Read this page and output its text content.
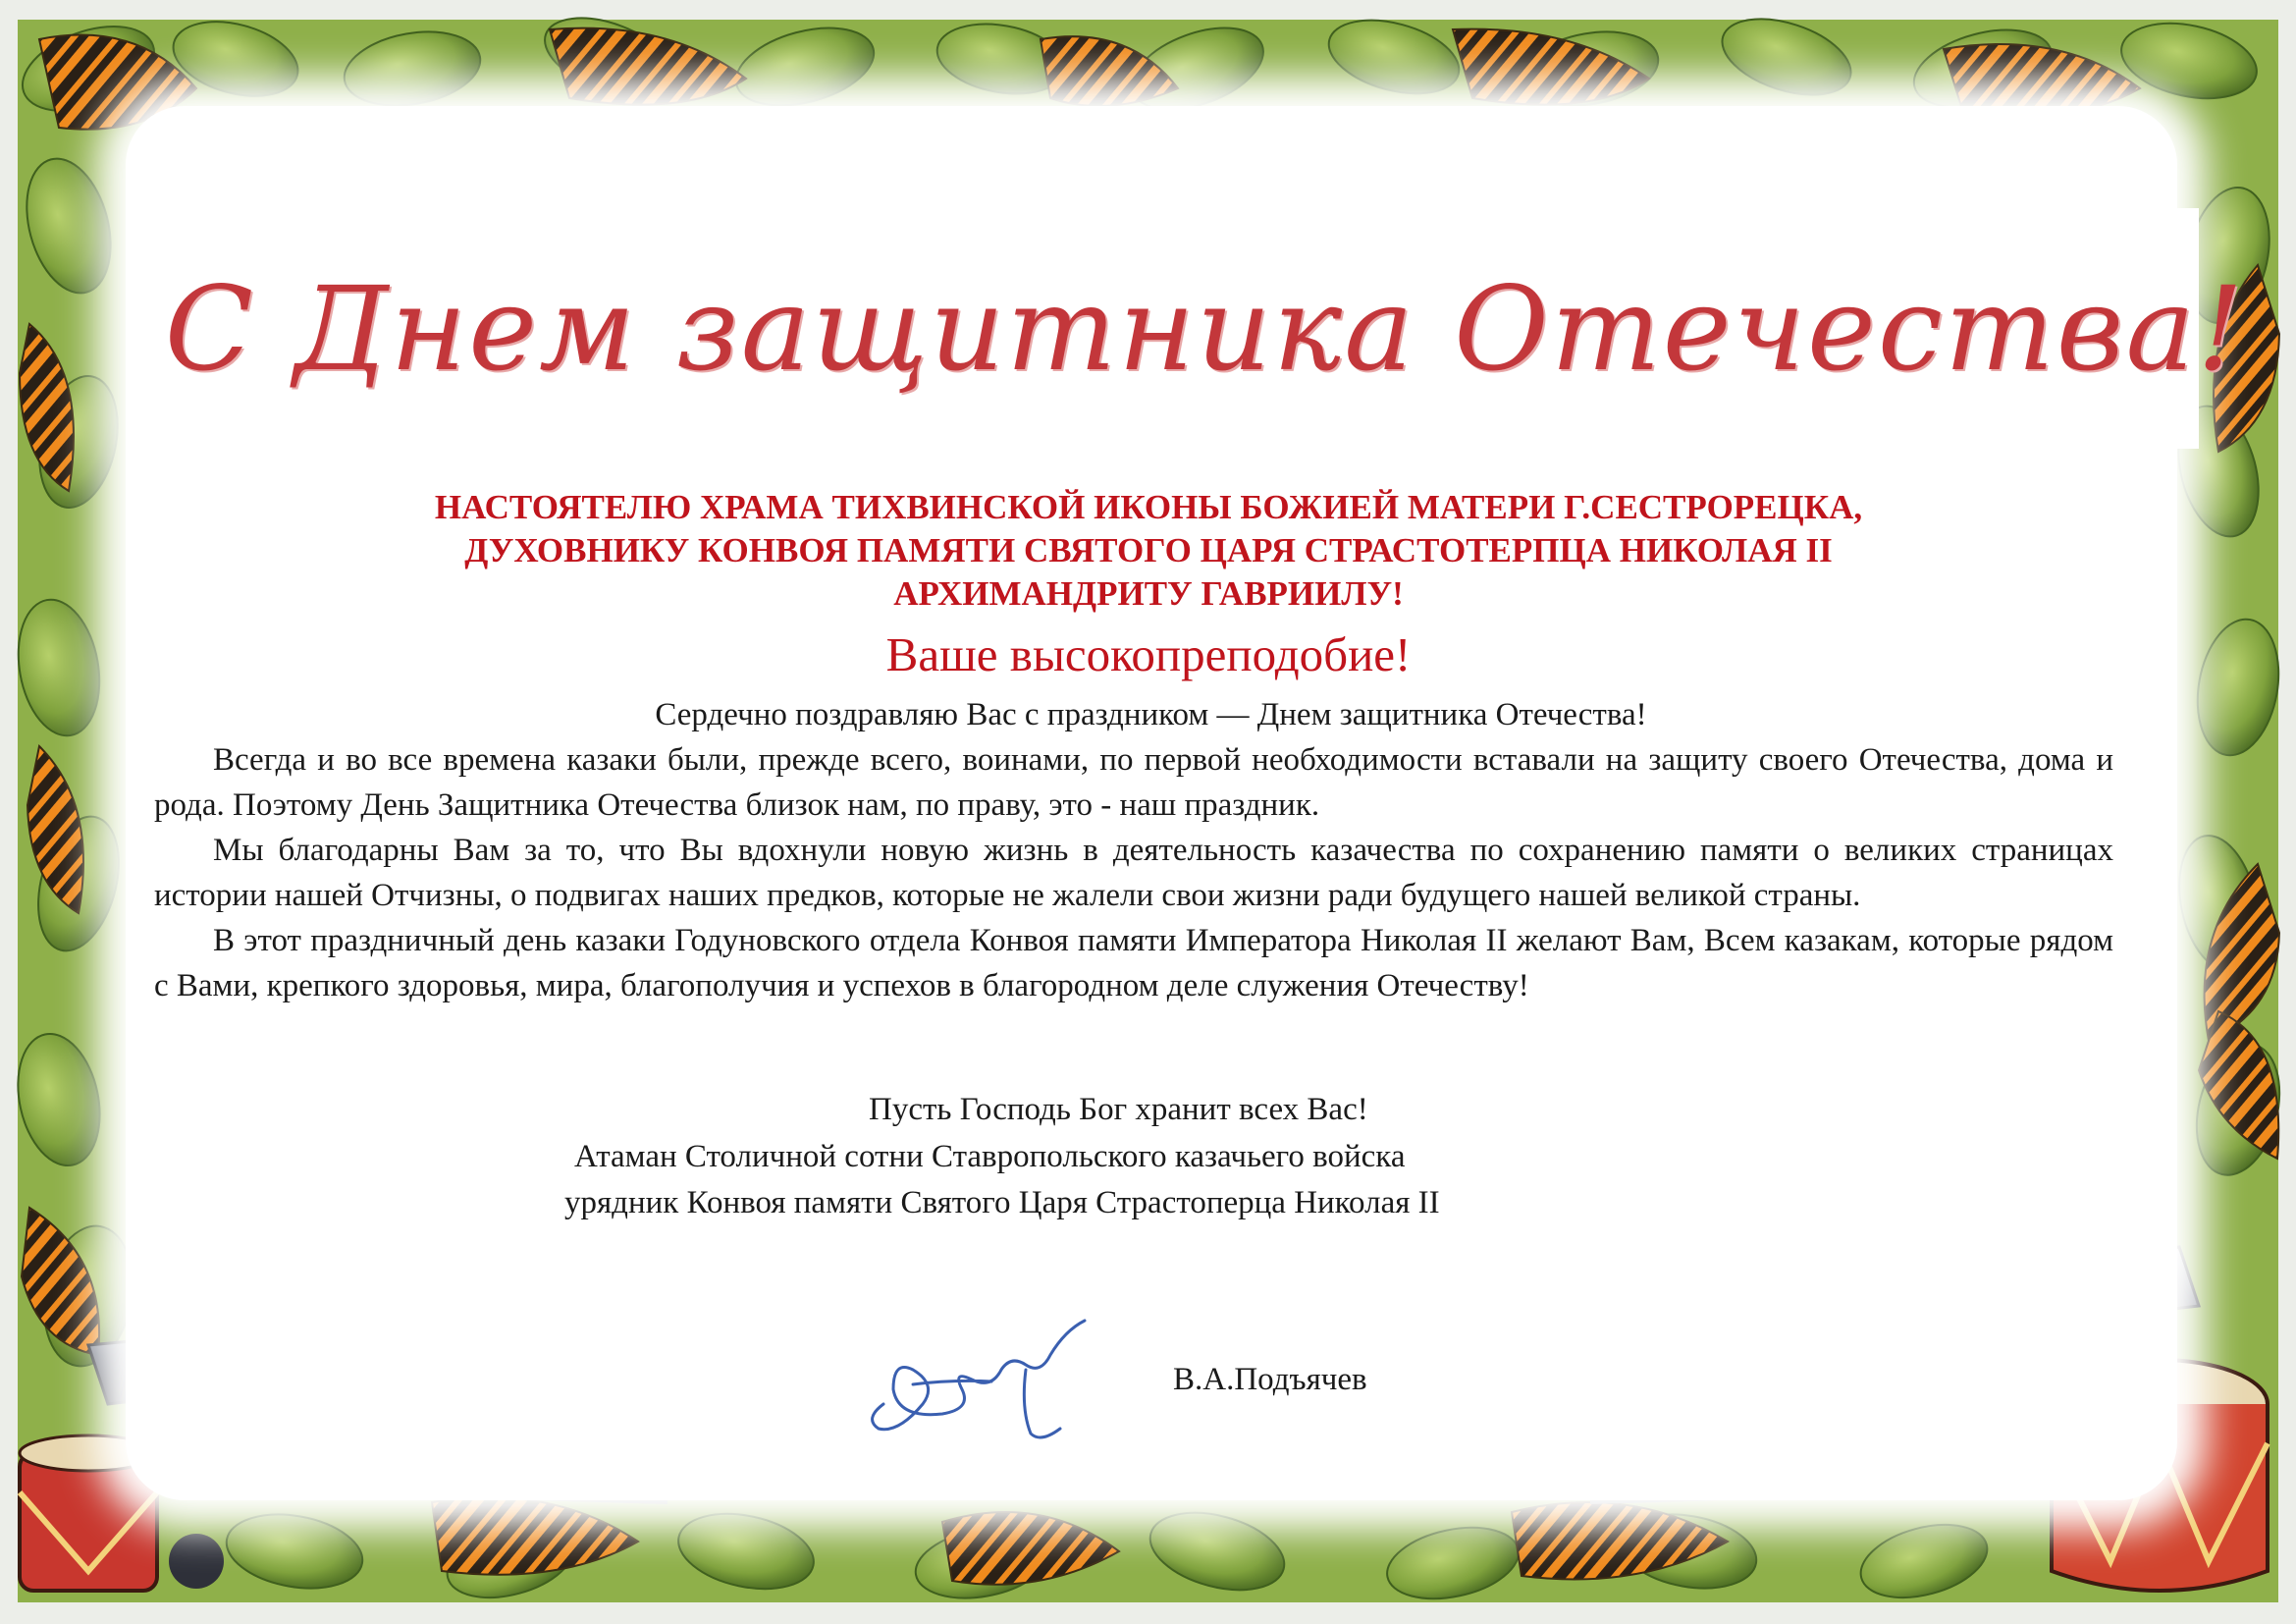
С Днем защитника Отечества!
НАСТОЯТЕЛЮ ХРАМА ТИХВИНСКОЙ ИКОНЫ БОЖИЕЙ МАТЕРИ Г.СЕСТРОРЕЦКА,
ДУХОВНИКУ КОНВОЯ ПАМЯТИ СВЯТОГО ЦАРЯ СТРАСТОТЕРПЦА НИКОЛАЯ II
АРХИМАНДРИТУ ГАВРИИЛУ!
Ваше высокопреподобие!

Сердечно поздравляю Вас с праздником — Днем защитника Отечества!

Всегда и во все времена казаки были, прежде всего, воинами, по первой необходимости вставали на защиту своего Отечества, дома и рода. Поэтому День Защитника Отечества близок нам, по праву, это - наш праздник.

Мы благодарны Вам за то, что Вы вдохнули новую жизнь в деятельность казачества по сохранению памяти о великих страницах истории нашей Отчизны, о подвигах наших предков, которые не жалели свои жизни ради будущего нашей великой страны.

В этот праздничный день казаки Годуновского отдела Конвоя памяти Императора Николая II желают Вам, Всем казакам, которые рядом с Вами, крепкого здоровья, мира, благополучия и успехов в благородном деле служения Отечеству!

Пусть Господь Бог хранит всех Вас!
Атаман Столичной сотни Ставропольского казачьего войска
урядник Конвоя памяти Святого Царя Страстоперца Николая II
В.А.Подъячев
